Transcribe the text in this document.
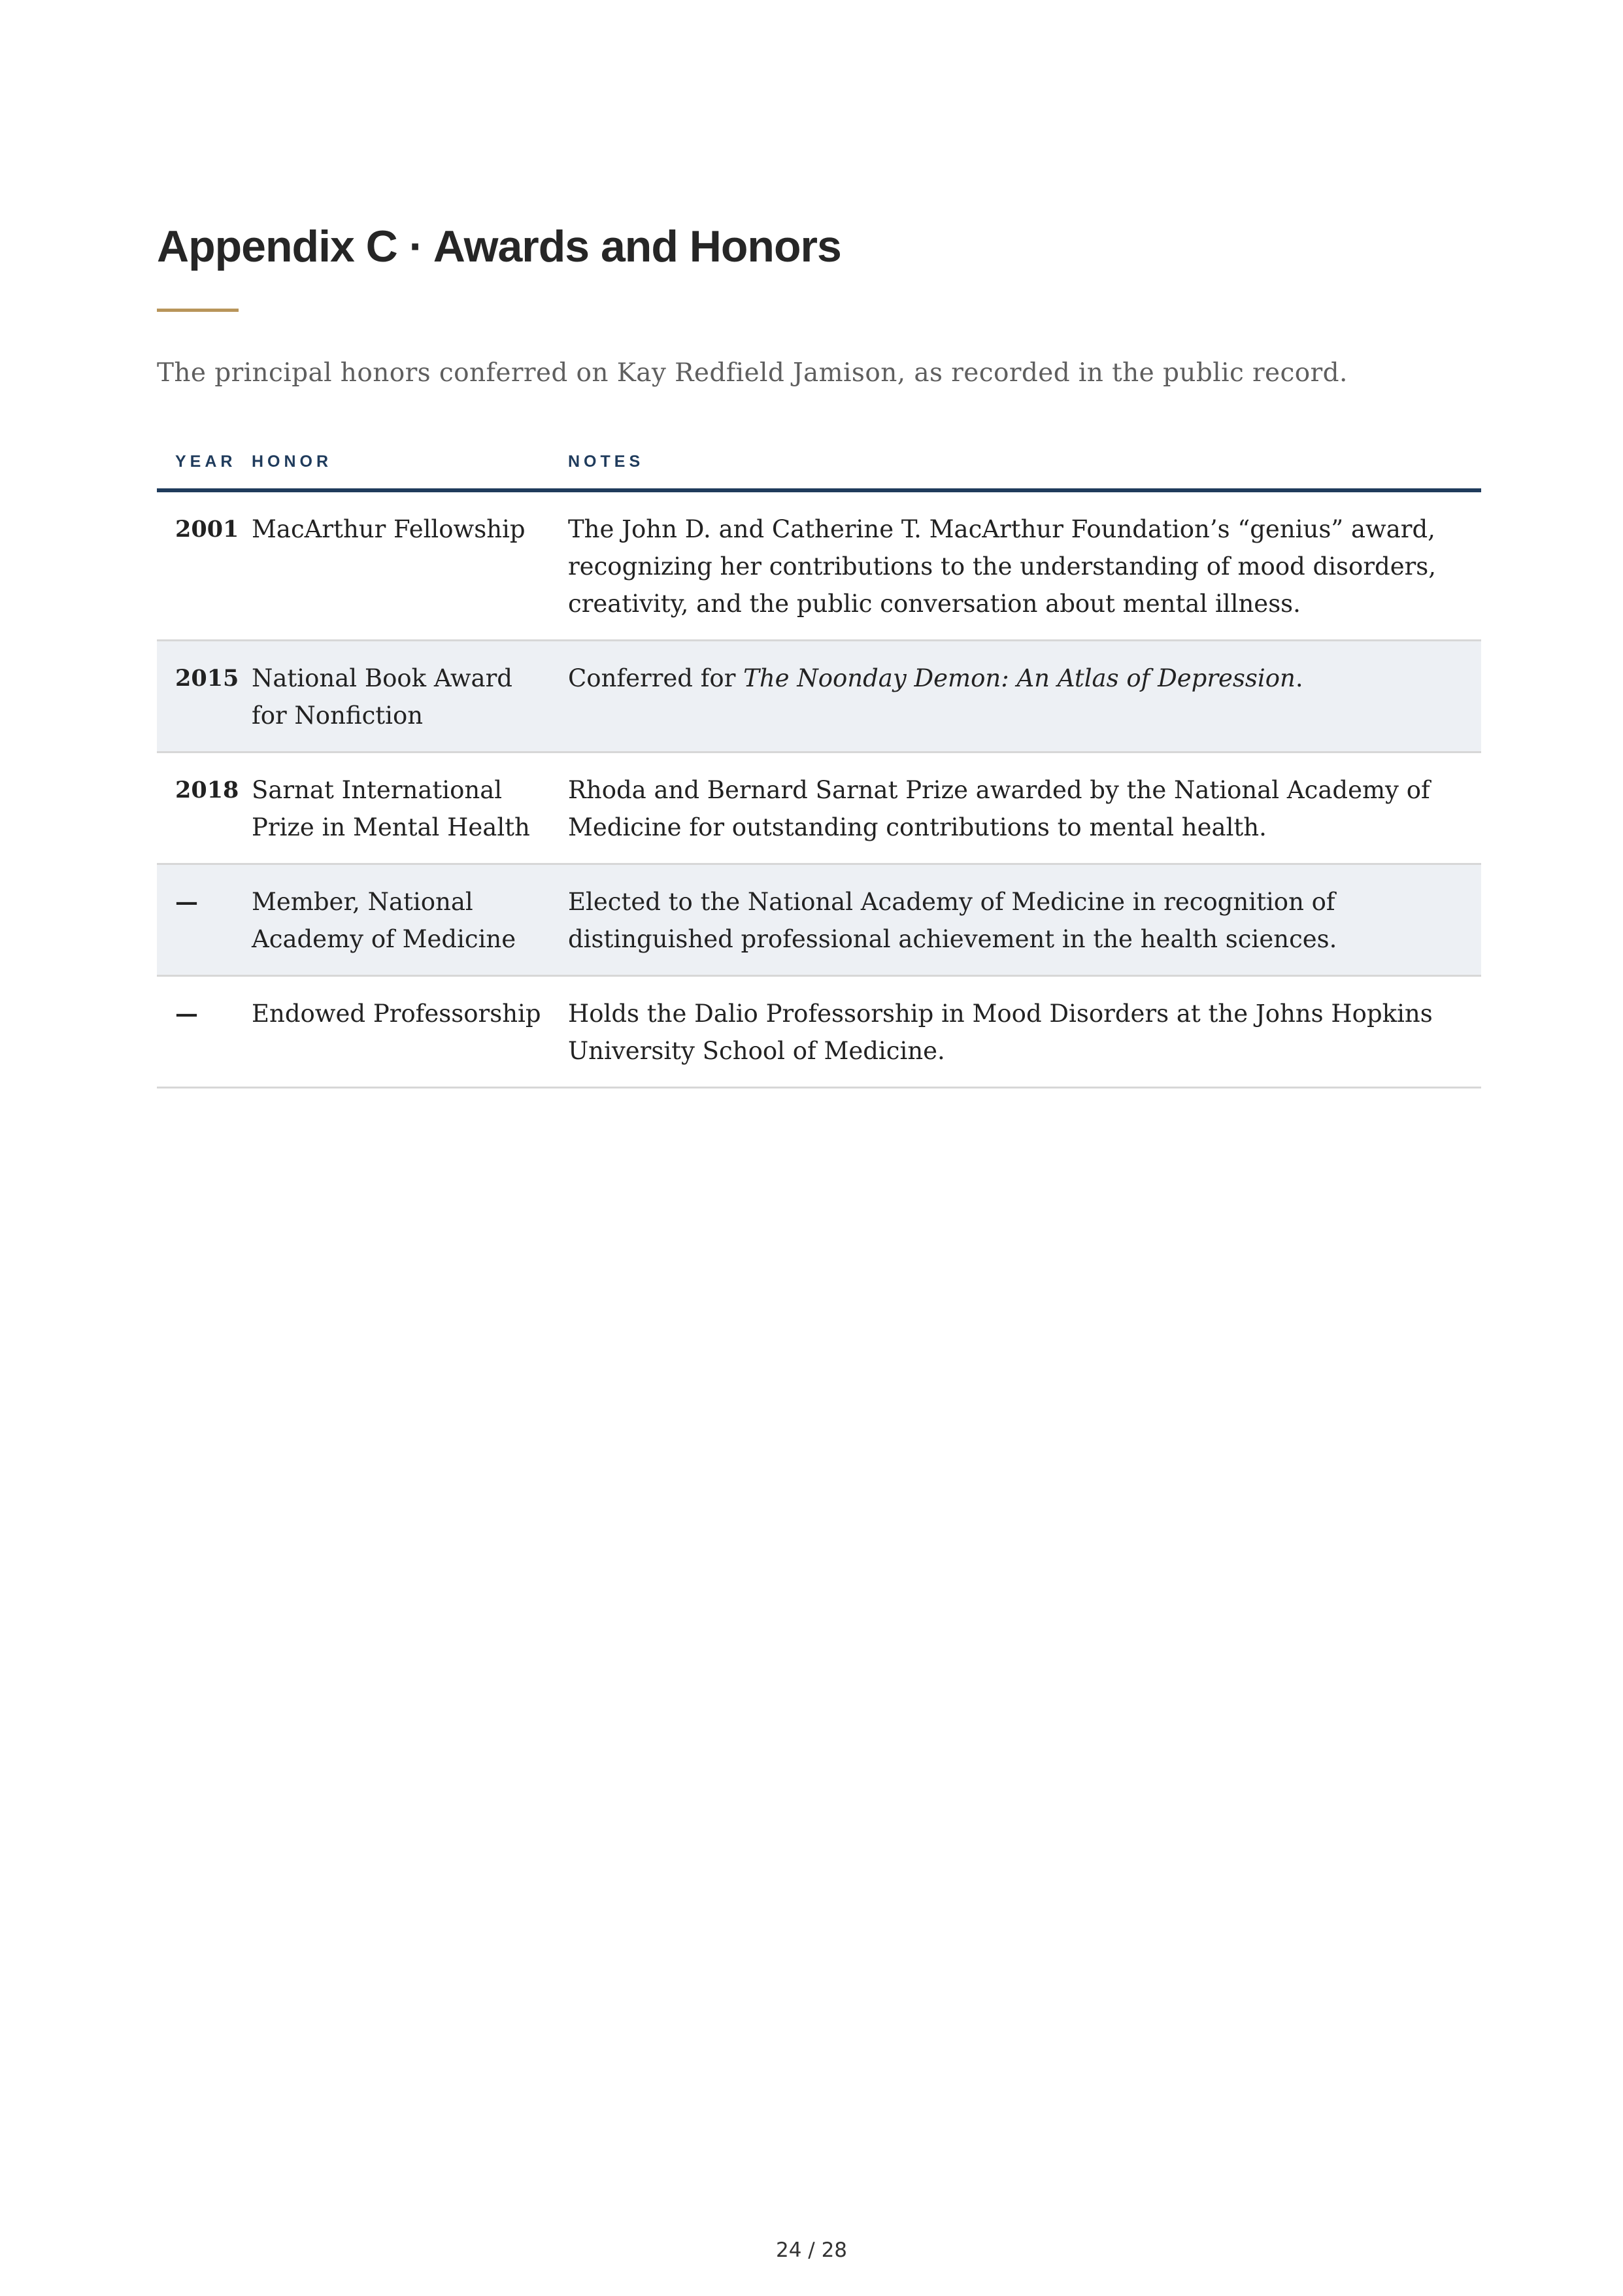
Appendix C · Awards and Honors

The principal honors conferred on Kay Redfield Jamison, as recorded in the public record.

YEAR	HONOR	NOTES
2001	MacArthur Fellowship	The John D. and Catherine T. MacArthur Foundation’s “genius” award, recognizing her contributions to the understanding of mood disorders, creativity, and the public conversation about mental illness.
2015	National Book Award for Nonfiction	Conferred for The Noonday Demon: An Atlas of Depression.
2018	Sarnat International Prize in Mental Health	Rhoda and Bernard Sarnat Prize awarded by the National Academy of Medicine for outstanding contributions to mental health.
—	Member, National Academy of Medicine	Elected to the National Academy of Medicine in recognition of distinguished professional achievement in the health sciences.
—	Endowed Professorship	Holds the Dalio Professorship in Mood Disorders at the Johns Hopkins University School of Medicine.
24 / 28
